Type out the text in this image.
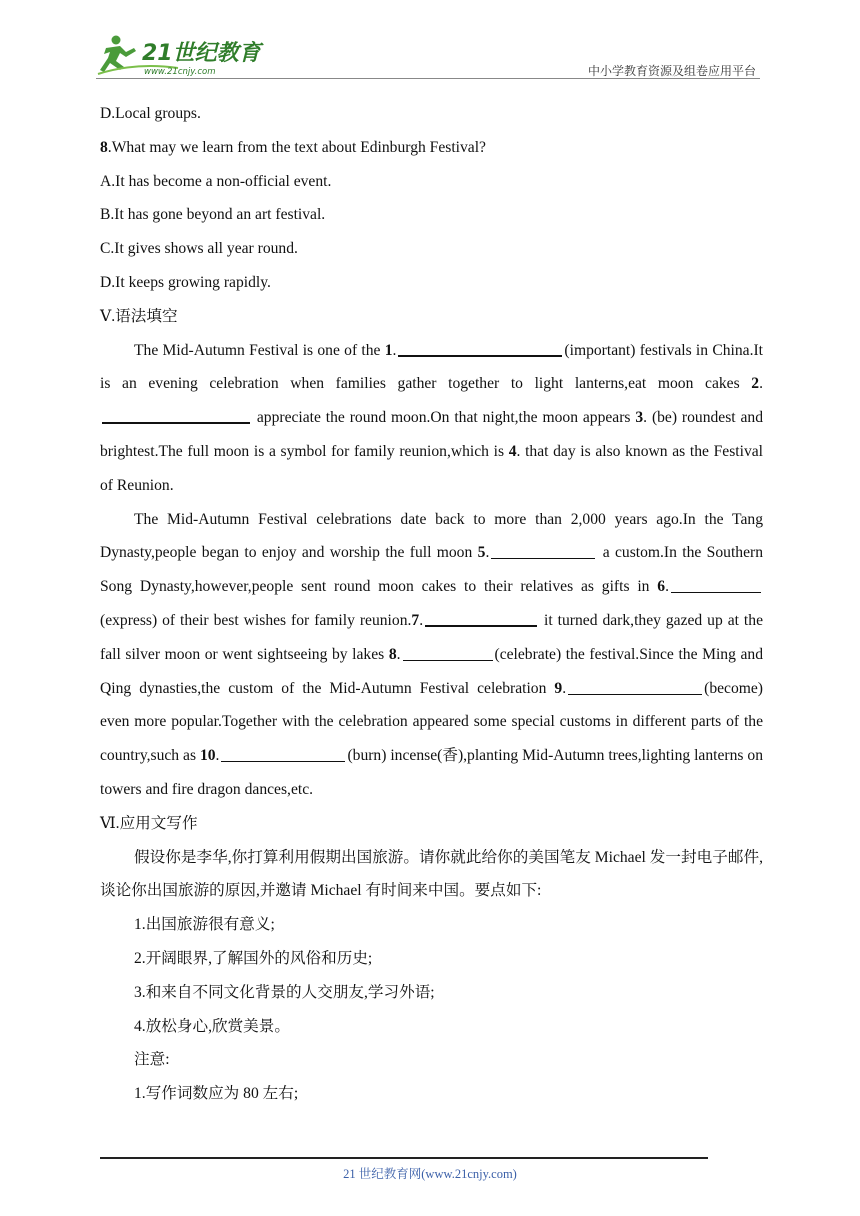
21世纪教育
www.21cnjy.com	中小学教育资源及组卷应用平台
D.Local groups.
8.What may we learn from the text about Edinburgh Festival?
A.It has become a non-official event.
B.It has gone beyond an art festival.
C.It gives shows all year round.
D.It keeps growing rapidly.
Ⅴ.语法填空
The Mid-Autumn Festival is one of the 1.	(important) festivals in China.It is an evening celebration when families gather together to light lanterns,eat moon cakes 2. appreciate the round moon.On that night,the moon appears 3. (be) roundest and brightest.The full moon is a symbol for family reunion,which is 4. that day is also known as the Festival of Reunion.
The Mid-Autumn Festival celebrations date back to more than 2,000 years ago.In the Tang Dynasty,people began to enjoy and worship the full moon 5.	a custom.In the Southern Song Dynasty,however,people sent round moon cakes to their relatives as gifts in 6.(express) of their best wishes for family reunion.7.	it turned dark,they gazed up at the fall silver moon or went sightseeing by lakes 8.	(celebrate) the festival.Since the Ming and Qing dynasties,the custom of the Mid-Autumn Festival celebration 9.	(become) even more popular.Together with the celebration appeared some special customs in different parts of the country,such as 10.	(burn) incense(香),planting Mid-Autumn trees,lighting lanterns on towers and fire dragon dances,etc.
Ⅵ.应用文写作
假设你是李华,你打算利用假期出国旅游。请你就此给你的美国笔友 Michael 发一封电子邮件,谈论你出国旅游的原因,并邀请 Michael 有时间来中国。要点如下:
1.出国旅游很有意义;
2.开阔眼界,了解国外的风俗和历史;
3.和来自不同文化背景的人交朋友,学习外语;
4.放松身心,欣赏美景。
注意:
1.写作词数应为 80 左右;
21 世纪教育网(www.21cnjy.com)
